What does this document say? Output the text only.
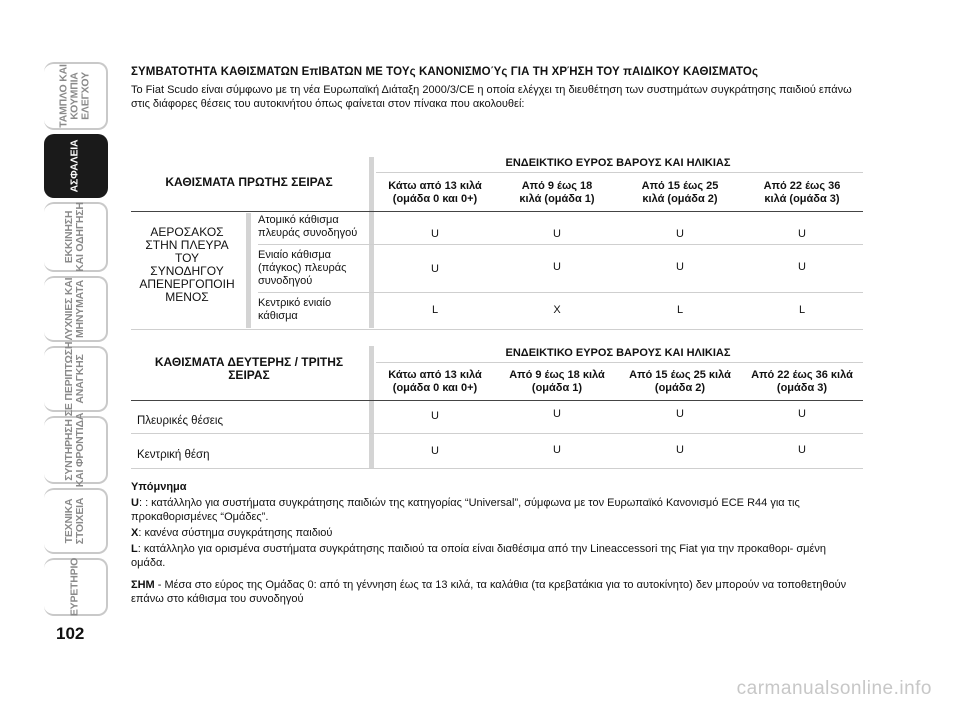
ΤΑΜΠΛΟ ΚΑΙ
ΚΟΥΜΠΙΑ
ΕΛΕΓΧΟΥ
ΑΣΦΑΛΕΙΑ
ΕΚΚΙΝΗΣΗ
ΚΑΙ ΟΔΗΓΗΣΗ
ΛΥΧΝΙΕΣ ΚΑΙ
ΜΗΝΥΜΑΤΑ
ΣΕ ΠΕΡΙΠΤΩΣΗ
ΑΝΑΓΚΗΣ
ΣΥΝΤΗΡΗΣΗ
ΚΑΙ ΦΡΟΝΤΙΔΑ
ΤΕΧΝΙΚΑ
ΣΤΟΙΧΕΙΑ
ΕΥΡΕΤΗΡΙΟ
102
ΣΥΜΒΑΤΟΤΗΤΑ ΚΑΘΙΣΜΑΤΩΝ ΕπΙΒΑΤΩΝ ΜΕ ΤΟΥς ΚΑΝΟΝΙΣΜΟΎς ΓΙΑ ΤΗ ΧΡΉΣΗ ΤΟΥ πΑΙΔΙΚΟΥ ΚΑΘΙΣΜΑΤΟς
Το Fiat Scudo είναι σύμφωνο με τη νέα Ευρωπαϊκή Διάταξη 2000/3/CE η οποία ελέγχει τη διευθέτηση των συστημάτων συγκράτησης παιδιού επάνω στις διάφορες θέσεις του αυτοκινήτου όπως φαίνεται στον πίνακα που ακολουθεί:
ΚΑΘΙΣΜΑΤΑ ΠΡΩΤΗΣ ΣΕΙΡΑΣ
ΕΝΔΕΙΚΤΙΚΟ ΕΥΡΟΣ ΒΑΡΟΥΣ ΚΑΙ ΗΛΙΚΙΑΣ
Κάτω από 13 κιλά
(ομάδα 0 και 0+)
Από 9 έως 18
κιλά (ομάδα 1)
Από 15 έως 25
κιλά (ομάδα 2)
Από 22 έως 36
κιλά (ομάδα 3)
ΑΕΡΟΣΑΚΟΣ
ΣΤΗΝ ΠΛΕΥΡΑ
ΤΟΥ
ΣΥΝΟΔΗΓΟΥ
ΑΠΕΝΕΡΓΟΠΟΙΗ
ΜΕΝΟΣ
Ατομικό κάθισμα
πλευράς συνοδηγού	U	U	U	U
Ενιαίο κάθισμα
(πάγκος) πλευράς
συνοδηγού
U	U	U	U
Κεντρικό ενιαίο
κάθισμα	L	X	L	L
ΚΑΘΙΣΜΑΤΑ ΔΕΥΤΕΡΗΣ / ΤΡΙΤΗΣ
ΣΕΙΡΑΣ
ΕΝΔΕΙΚΤΙΚΟ ΕΥΡΟΣ ΒΑΡΟΥΣ ΚΑΙ ΗΛΙΚΙΑΣ
Κάτω από 13 κιλά
(ομάδα 0 και 0+)
Από 9 έως 18 κιλά
(ομάδα 1)
Από 15 έως 25 κιλά
(ομάδα 2)
Από 22 έως 36 κιλά
(ομάδα 3)
Πλευρικές θέσεις	U	U	U	U
Κεντρική θέση	U	U	U	U
Υπόμνημα
U: : κατάλληλο για συστήματα συγκράτησης παιδιών της κατηγορίας “Universal”, σύμφωνα με τον Ευρωπαϊκό Κανονισμό ECE R44 για τις προκαθορισμένες “Ομάδες”.
X: κανένα σύστημα συγκράτησης παιδιού
L: κατάλληλο για ορισμένα συστήματα συγκράτησης παιδιού τα οποία είναι διαθέσιμα από την Lineaccessori της Fiat για την προκαθορι- σμένη ομάδα.
ΣΗΜ - Μέσα στο εύρος της Ομάδας 0: από τη γέννηση έως τα 13 κιλά, τα καλάθια (τα κρεβατάκια για το αυτοκίνητο) δεν μπορούν να τοποθετηθούν επάνω στο κάθισμα του συνοδηγού
carmanualsonline.info
